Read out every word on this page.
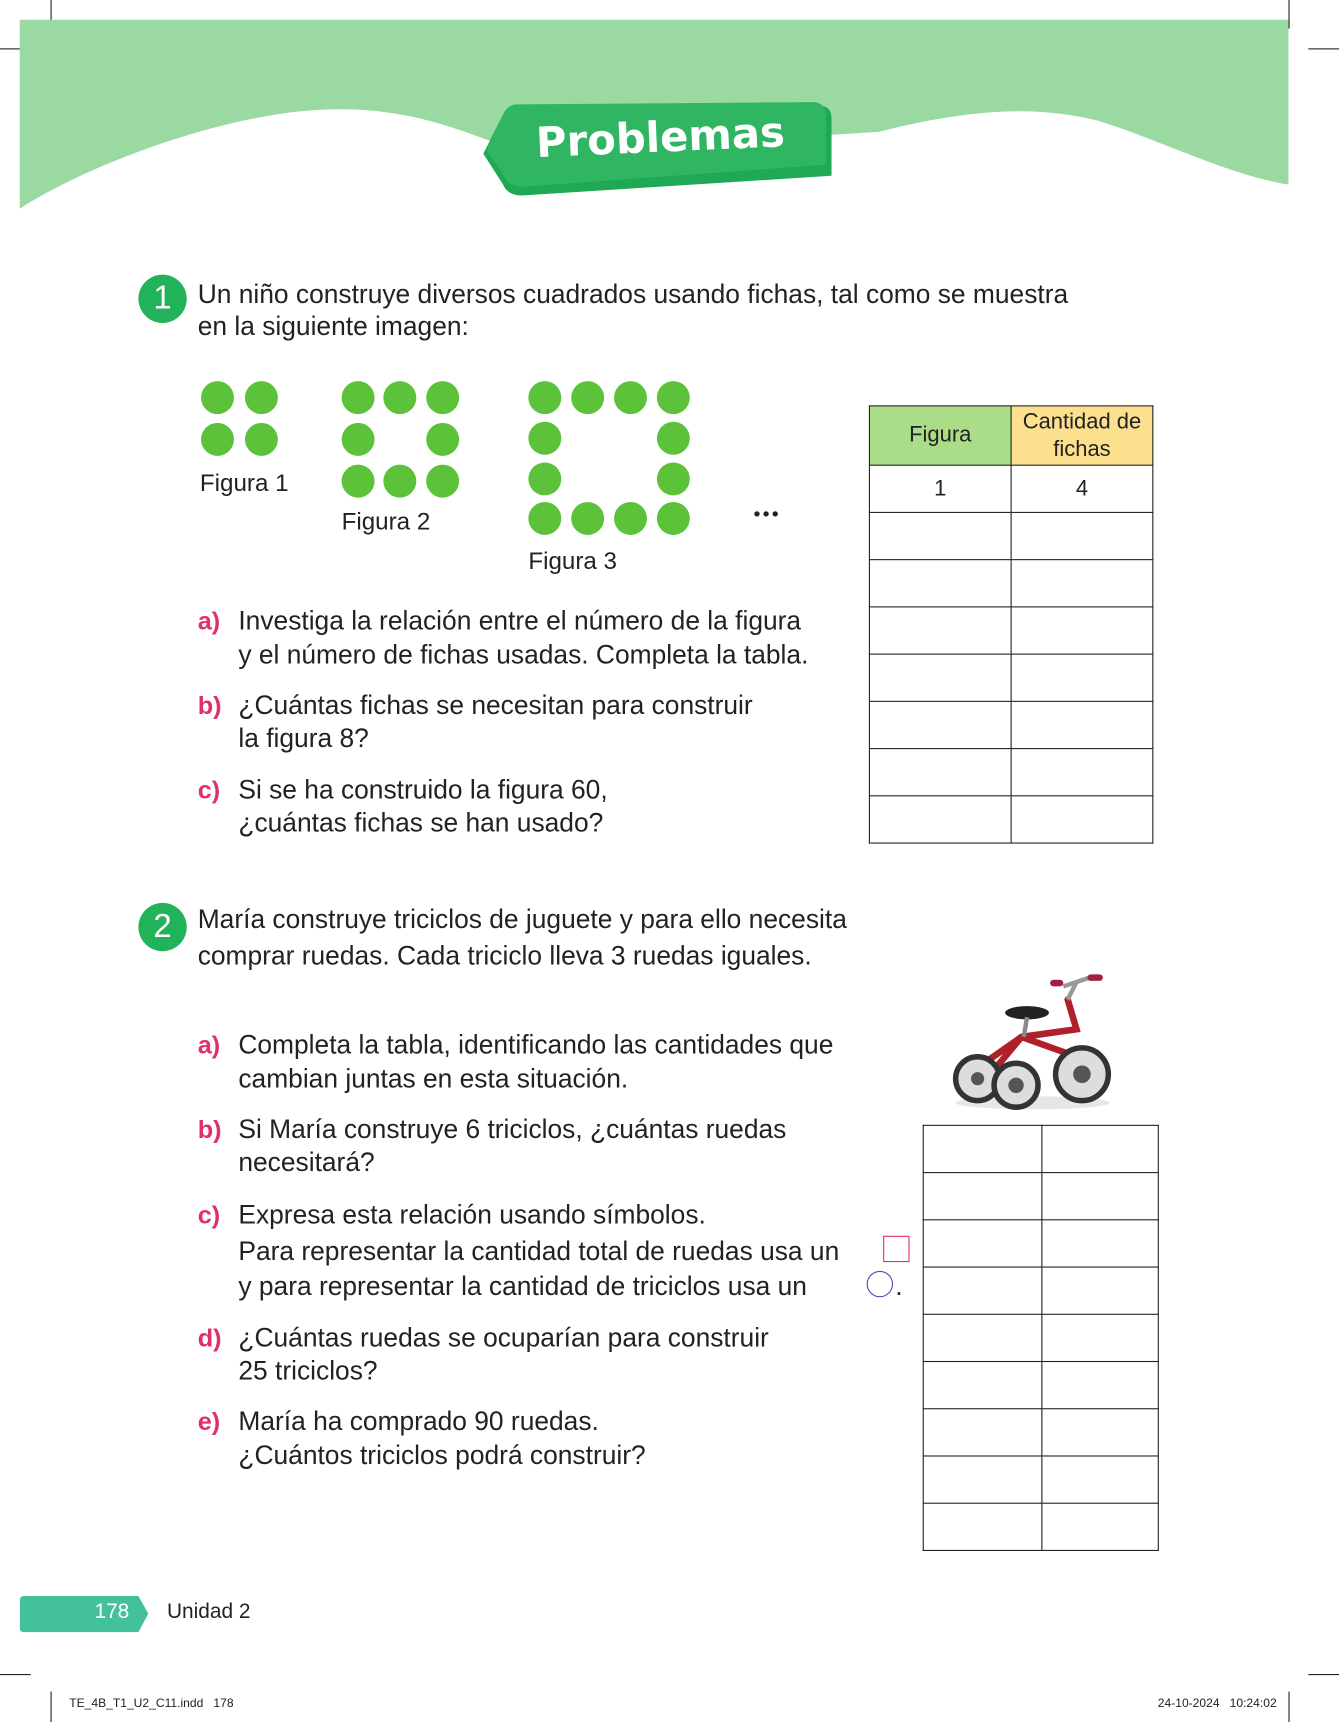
Problemas
1	Un niño construye diversos cuadrados usando fichas, tal como se muestra
en la siguiente imagen:
Figura 1
Figura 2
Figura 3
•••
Figura	Cantidad de fichas
1	4

a) Investiga la relación entre el número de la figura
y el número de fichas usadas. Completa la tabla.
b) ¿Cuántas fichas se necesitan para construir
la figura 8?
c) Si se ha construido la figura 60,
¿cuántas fichas se han usado?
2	María construye triciclos de juguete y para ello necesita
comprar ruedas. Cada triciclo lleva 3 ruedas iguales.
a) Completa la tabla, identificando las cantidades que
cambian juntas en esta situación.
b) Si María construye 6 triciclos, ¿cuántas ruedas
necesitará?
c) Expresa esta relación usando símbolos.
Para representar la cantidad total de ruedas usa un
y para representar la cantidad de triciclos usa un	.
d) ¿Cuántas ruedas se ocuparían para construir
25 triciclos?
e) María ha comprado 90 ruedas.
¿Cuántos triciclos podrá construir?

178 Unidad 2
TE_4B_T1_U2_C11.indd   178	24-10-2024   10:24:02
